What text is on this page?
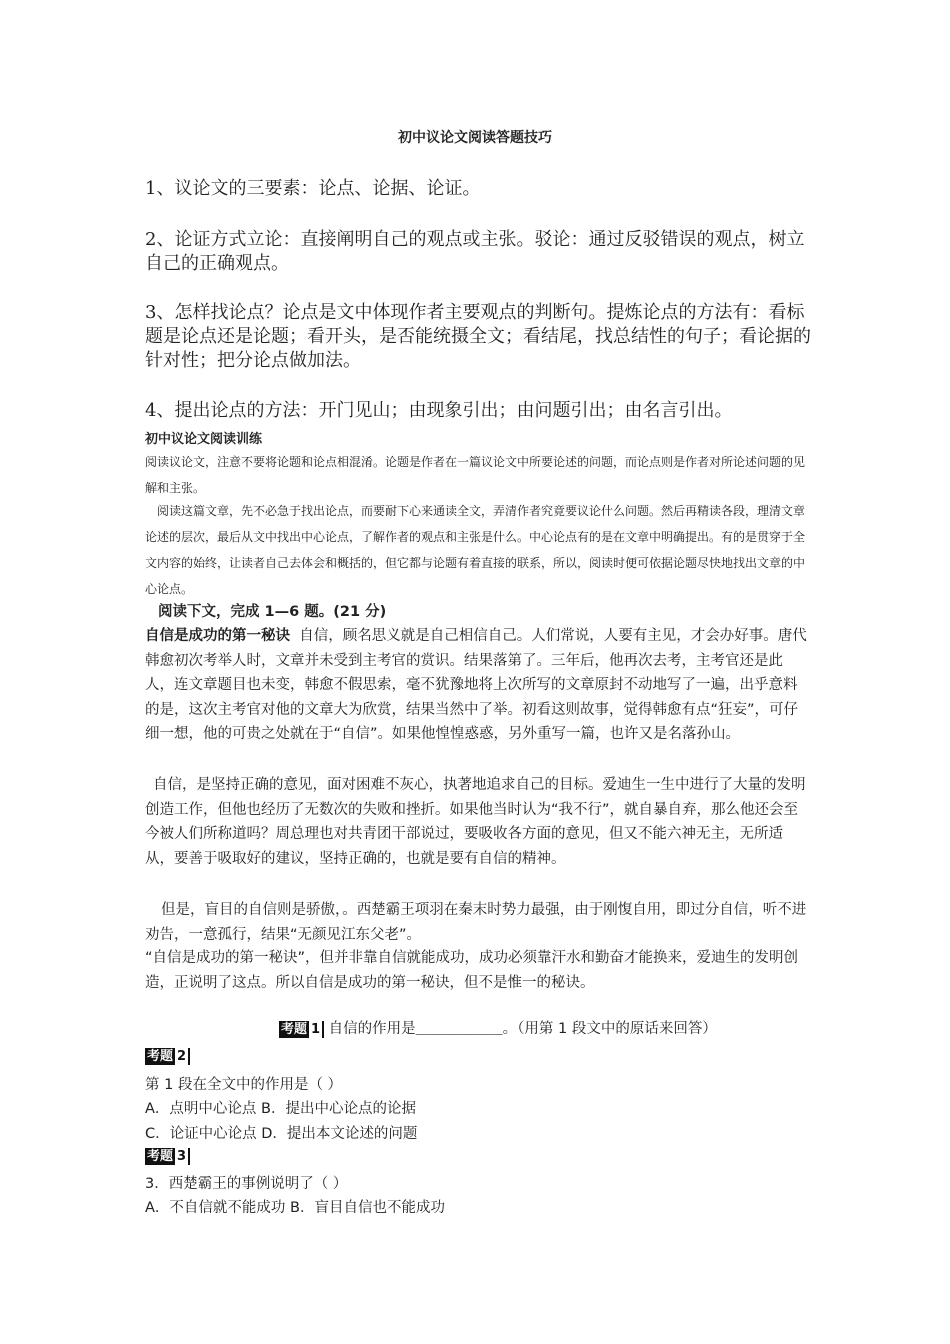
初中议论文阅读答题技巧
1、议论文的三要素：论点、论据、论证。
2、论证方式立论：直接阐明自己的观点或主张。驳论：通过反驳错误的观点，树立自己的正确观点。
3、怎样找论点？论点是文中体现作者主要观点的判断句。提炼论点的方法有：看标题是论点还是论题；看开头，是否能统摄全文；看结尾，找总结性的句子；看论据的针对性；把分论点做加法。
4、提出论点的方法：开门见山；由现象引出；由问题引出；由名言引出。
初中议论文阅读训练
阅读议论文，注意不要将论题和论点相混淆。论题是作者在一篇议论文中所要论述的问题，而论点则是作者对所论述问题的见解和主张。
阅读这篇文章，先不必急于找出论点，而要耐下心来通读全文，弄清作者究竟要议论什么问题。然后再精读各段，理清文章论述的层次，最后从文中找出中心论点，了解作者的观点和主张是什么。中心论点有的是在文章中明确提出。有的是贯穿于全文内容的始终，让读者自己去体会和概括的，但它都与论题有着直接的联系，所以，阅读时便可依据论题尽快地找出文章的中心论点。
阅读下文，完成 1—6 题。(21 分)
自信是成功的第一秘诀 自信，顾名思义就是自己相信自己。人们常说，人要有主见，才会办好事。唐代韩愈初次考举人时，文章并未受到主考官的赏识。结果落第了。三年后，他再次去考，主考官还是此人，连文章题目也未变，韩愈不假思索，毫不犹豫地将上次所写的文章原封不动地写了一遍，出乎意料的是，这次主考官对他的文章大为欣赏，结果当然中了举。初看这则故事，觉得韩愈有点“狂妄”，可仔细一想，他的可贵之处就在于“自信”。如果他惶惶惑惑，另外重写一篇，也许又是名落孙山。
自信，是坚持正确的意见，面对困难不灰心，执著地追求自己的目标。爱迪生一生中进行了大量的发明创造工作，但他也经历了无数次的失败和挫折。如果他当时认为“我不行”，就自暴自弃，那么他还会至今被人们所称道吗？周总理也对共青团干部说过，要吸收各方面的意见，但又不能六神无主，无所适从，要善于吸取好的建议，坚持正确的，也就是要有自信的精神。
但是，盲目的自信则是骄傲，。西楚霸王项羽在秦末时势力最强，由于刚愎自用，即过分自信，听不进劝告，一意孤行，结果“无颜见江东父老”。
“自信是成功的第一秘诀”，但并非靠自信就能成功，成功必须靠汗水和勤奋才能换来，爱迪生的发明创造，正说明了这点。所以自信是成功的第一秘诀，但不是惟一的秘诀。
考题 1 自信的作用是＿＿＿＿＿＿。（用第 1 段文中的原话来回答）
考题 2
第 1 段在全文中的作用是（ ）
A．点明中心论点 B．提出中心论点的论据
C．论证中心论点 D．提出本文论述的问题
考题 3
3．西楚霸王的事例说明了（ ）
A．不自信就不能成功 B．盲目自信也不能成功
